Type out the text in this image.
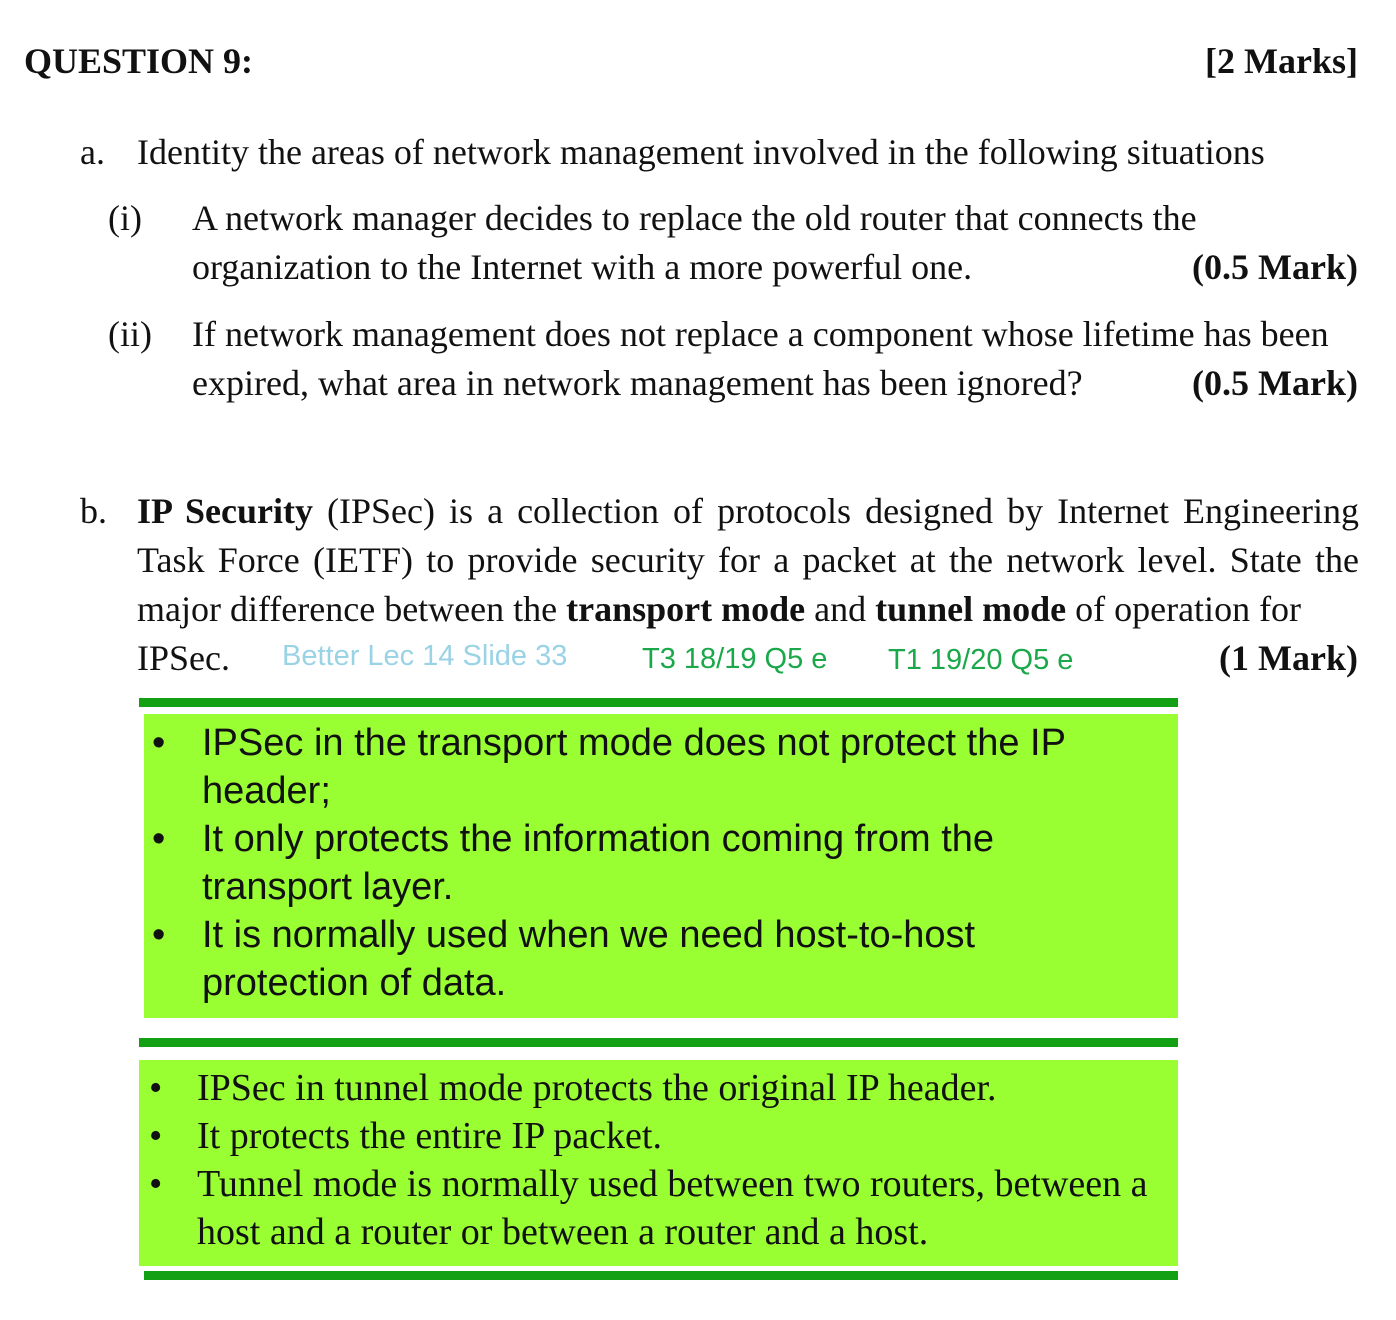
QUESTION 9:	[2 Marks]
a. Identity the areas of network management involved in the following situations
(i) A network manager decides to replace the old router that connects the
organization to the Internet with a more powerful one.	(0.5 Mark)
(ii) If network management does not replace a component whose lifetime has been
expired, what area in network management has been ignored?	(0.5 Mark)
b. IP Security (IPSec) is a collection of protocols designed by Internet Engineering Task Force (IETF) to provide security for a packet at the network level. State the major difference between the transport mode and tunnel mode of operation for
IPSec. Better Lec 14 Slide 33	T3 18/19 Q5 e T1 19/20 Q5 e	(1 Mark)
• IPSec in the transport mode does not protect the IP header;
• It only protects the information coming from the transport layer.
• It is normally used when we need host-to-host protection of data.
• IPSec in tunnel mode protects the original IP header.
• It protects the entire IP packet.
• Tunnel mode is normally used between two routers, between a host and a router or between a router and a host.
